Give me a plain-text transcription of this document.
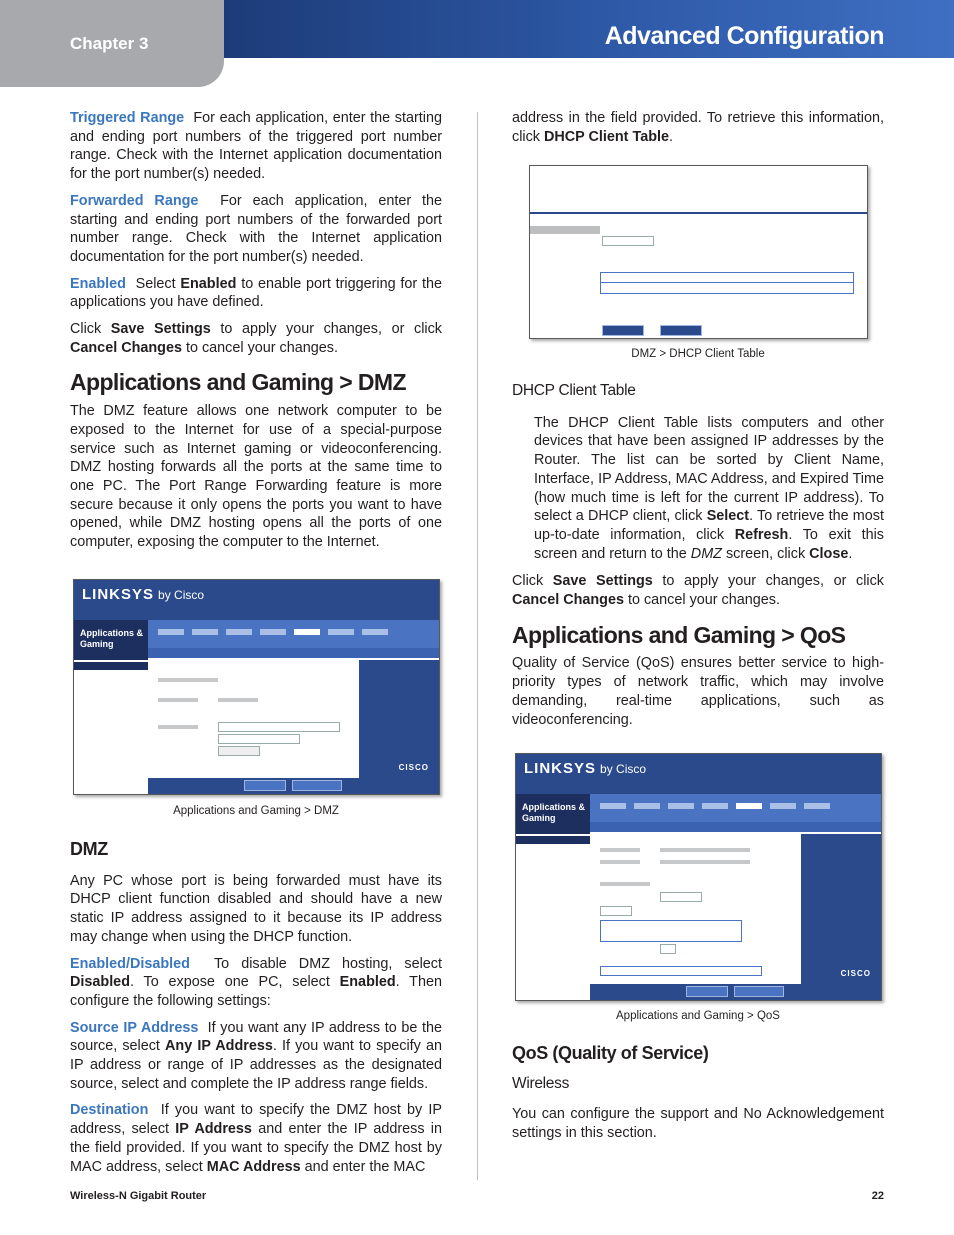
Chapter 3	Advanced Configuration

Triggered Range For each application, enter the starting and ending port numbers of the triggered port number range. Check with the Internet application documentation for the port number(s) needed.

Forwarded Range For each application, enter the starting and ending port numbers of the forwarded port number range. Check with the Internet application documentation for the port number(s) needed.

Enabled Select Enabled to enable port triggering for the applications you have defined.

Click Save Settings to apply your changes, or click Cancel Changes to cancel your changes.

Applications and Gaming > DMZ

The DMZ feature allows one network computer to be exposed to the Internet for use of a special-purpose service such as Internet gaming or videoconferencing. DMZ hosting forwards all the ports at the same time to one PC. The Port Range Forwarding feature is more secure because it only opens the ports you want to have opened, while DMZ hosting opens all the ports of one computer, exposing the computer to the Internet.

LINKSYS by Cisco
Applications & Gaming
CISCO
Applications and Gaming > DMZ
DMZ

Any PC whose port is being forwarded must have its DHCP client function disabled and should have a new static IP address assigned to it because its IP address may change when using the DHCP function.

Enabled/Disabled To disable DMZ hosting, select Disabled. To expose one PC, select Enabled. Then configure the following settings:

Source IP Address If you want any IP address to be the source, select Any IP Address. If you want to specify an IP address or range of IP addresses as the designated source, select and complete the IP address range fields.

Destination If you want to specify the DMZ host by IP address, select IP Address and enter the IP address in the field provided. If you want to specify the DMZ host by MAC address, select MAC Address and enter the MAC

address in the field provided. To retrieve this information, click DHCP Client Table.

DMZ > DHCP Client Table
DHCP Client Table

The DHCP Client Table lists computers and other devices that have been assigned IP addresses by the Router. The list can be sorted by Client Name, Interface, IP Address, MAC Address, and Expired Time (how much time is left for the current IP address). To select a DHCP client, click Select. To retrieve the most up-to-date information, click Refresh. To exit this screen and return to the DMZ screen, click Close.

Click Save Settings to apply your changes, or click Cancel Changes to cancel your changes.

Applications and Gaming > QoS

Quality of Service (QoS) ensures better service to high-priority types of network traffic, which may involve demanding, real-time applications, such as videoconferencing.

LINKSYS by Cisco
Applications & Gaming
CISCO
Applications and Gaming > QoS
QoS (Quality of Service)
Wireless

You can configure the support and No Acknowledgement settings in this section.

Wireless-N Gigabit Router	22
